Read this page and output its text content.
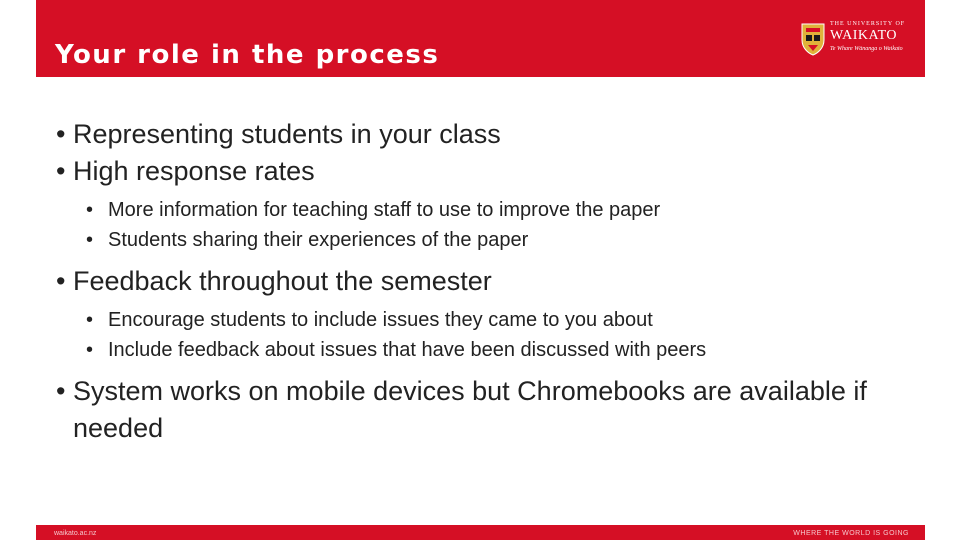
Your role in the process
THE UNIVERSITY OF
WAIKATO
Te Whare Wānanga o Waikato
• Representing students in your class
• High response rates
• More information for teaching staff to use to improve the paper
• Students sharing their experiences of the paper
• Feedback throughout the semester
• Encourage students to include issues they came to you about
• Include feedback about issues that have been discussed with peers
• System works on mobile devices but Chromebooks are available if needed
waikato.ac.nz	WHERE THE WORLD IS GOING
